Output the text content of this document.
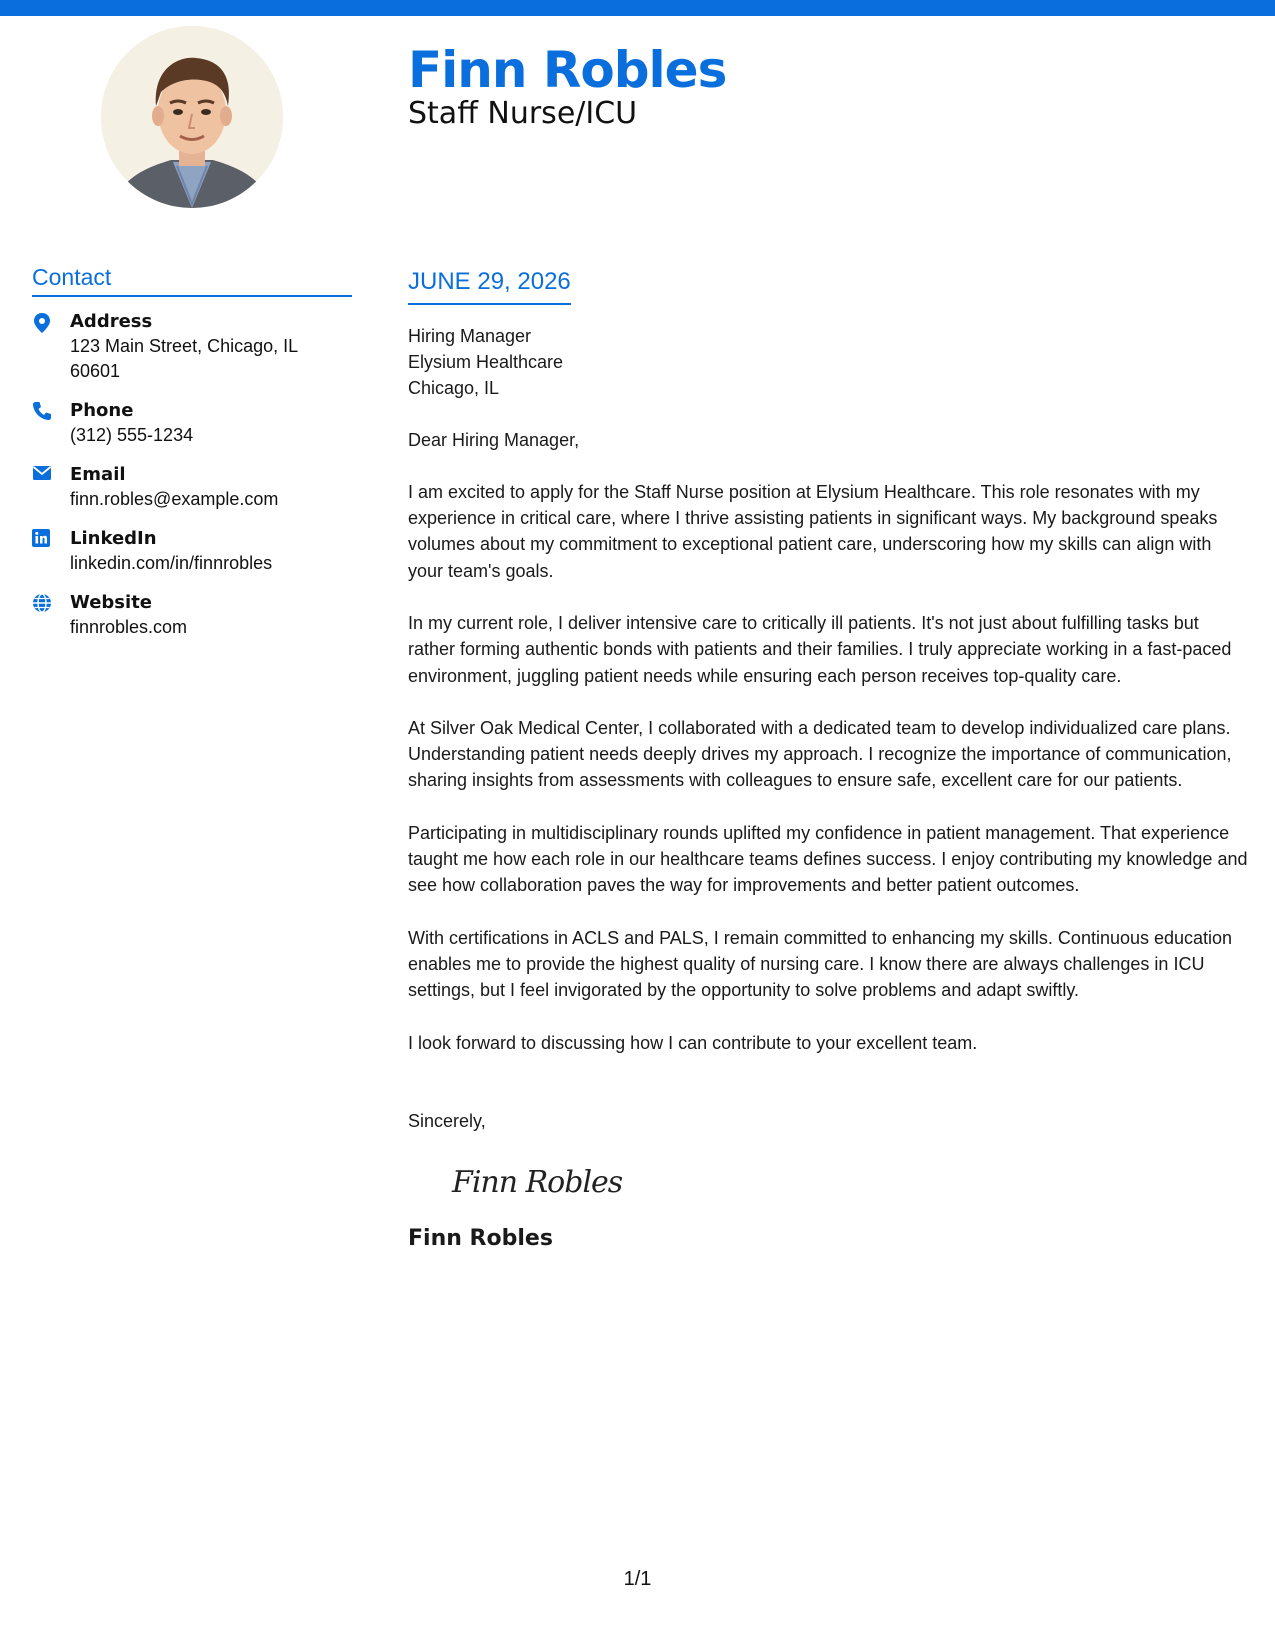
Finn Robles
Staff Nurse/ICU
Contact
Address
123 Main Street, Chicago, IL
60601
Phone
(312) 555-1234
Email
finn.robles@example.com
LinkedIn
linkedin.com/in/finnrobles
Website
finnrobles.com
JUNE 29, 2026
Hiring Manager
Elysium Healthcare
Chicago, IL
Dear Hiring Manager,
I am excited to apply for the Staff Nurse position at Elysium Healthcare. This role resonates with my experience in critical care, where I thrive assisting patients in significant ways. My background speaks volumes about my commitment to exceptional patient care, underscoring how my skills can align with your team's goals.
In my current role, I deliver intensive care to critically ill patients. It's not just about fulfilling tasks but rather forming authentic bonds with patients and their families. I truly appreciate working in a fast-paced environment, juggling patient needs while ensuring each person receives top-quality care.
At Silver Oak Medical Center, I collaborated with a dedicated team to develop individualized care plans. Understanding patient needs deeply drives my approach. I recognize the importance of communication, sharing insights from assessments with colleagues to ensure safe, excellent care for our patients.
Participating in multidisciplinary rounds uplifted my confidence in patient management. That experience taught me how each role in our healthcare teams defines success. I enjoy contributing my knowledge and see how collaboration paves the way for improvements and better patient outcomes.
With certifications in ACLS and PALS, I remain committed to enhancing my skills. Continuous education enables me to provide the highest quality of nursing care. I know there are always challenges in ICU settings, but I feel invigorated by the opportunity to solve problems and adapt swiftly.
I look forward to discussing how I can contribute to your excellent team.
Sincerely,
Finn Robles
Finn Robles
1/1
